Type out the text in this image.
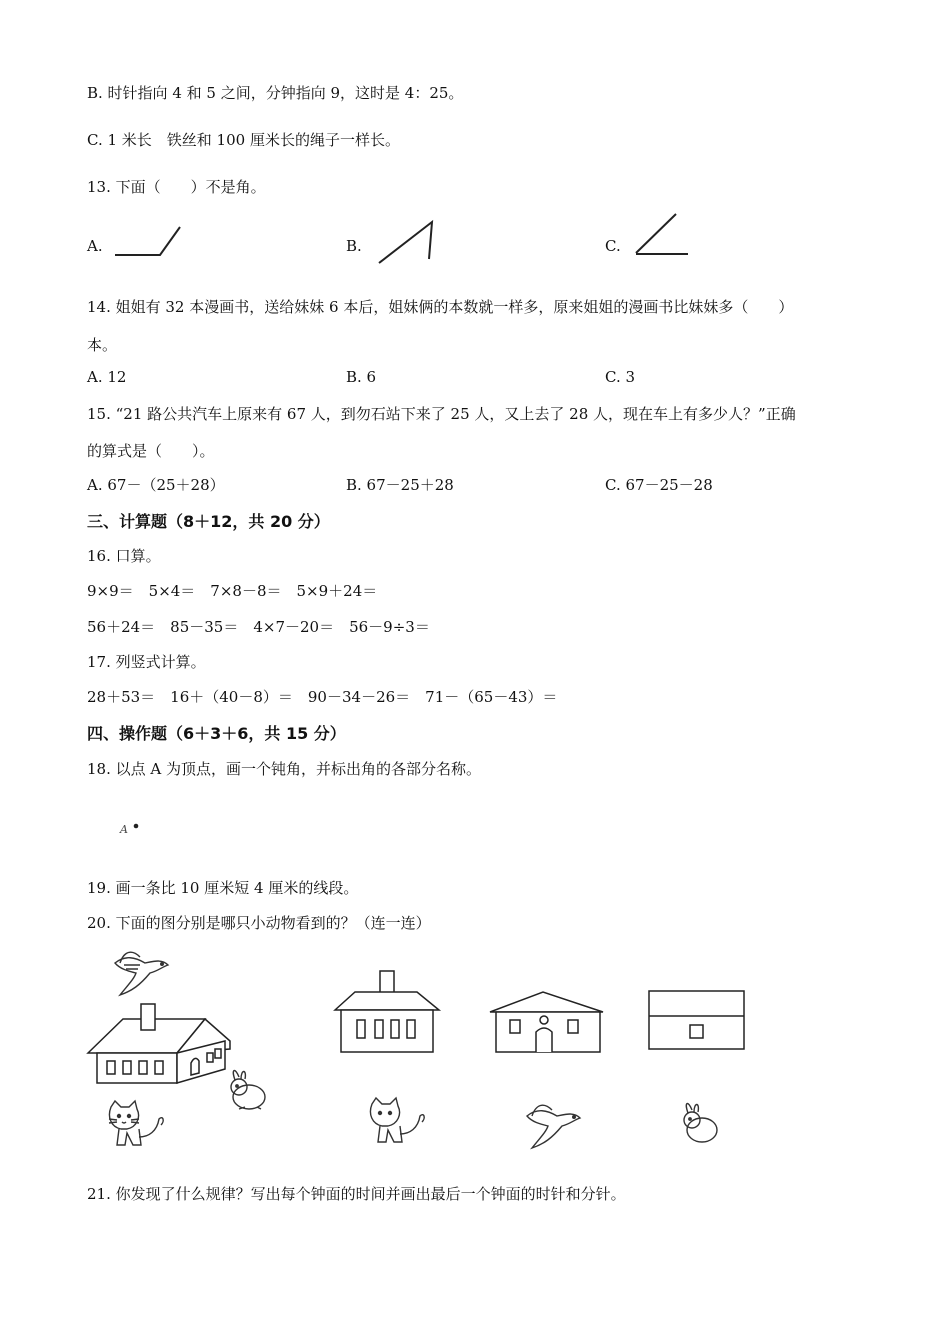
B. 时针指向 4 和 5 之间，分钟指向 9，这时是 4：25。
C. 1 米长　铁丝和 100 厘米长的绳子一样长。
13. 下面（　　）不是角。
A.	B.	C.
14. 姐姐有 32 本漫画书，送给妹妹 6 本后，姐妹俩的本数就一样多，原来姐姐的漫画书比妹妹多（　　）
本。
A. 12	B. 6	C. 3
15. “21 路公共汽车上原来有 67 人，到勿石站下来了 25 人，又上去了 28 人，现在车上有多少人？”正确
的算式是（　　）。
A. 67－（25＋28）	B. 67－25＋28	C. 67－25－28
三、计算题（8＋12，共 20 分）
16. 口算。
9×9＝　5×4＝　7×8－8＝　5×9＋24＝
56＋24＝　85－35＝　4×7－20＝　56－9÷3＝
17. 列竖式计算。
28＋53＝　16＋（40－8）＝　90－34－26＝　71－（65－43）＝
四、操作题（6＋3＋6，共 15 分）
18. 以点 A 为顶点，画一个钝角，并标出角的各部分名称。
A
19. 画一条比 10 厘米短 4 厘米的线段。
20. 下面的图分别是哪只小动物看到的？（连一连）
21. 你发现了什么规律？写出每个钟面的时间并画出最后一个钟面的时针和分针。
